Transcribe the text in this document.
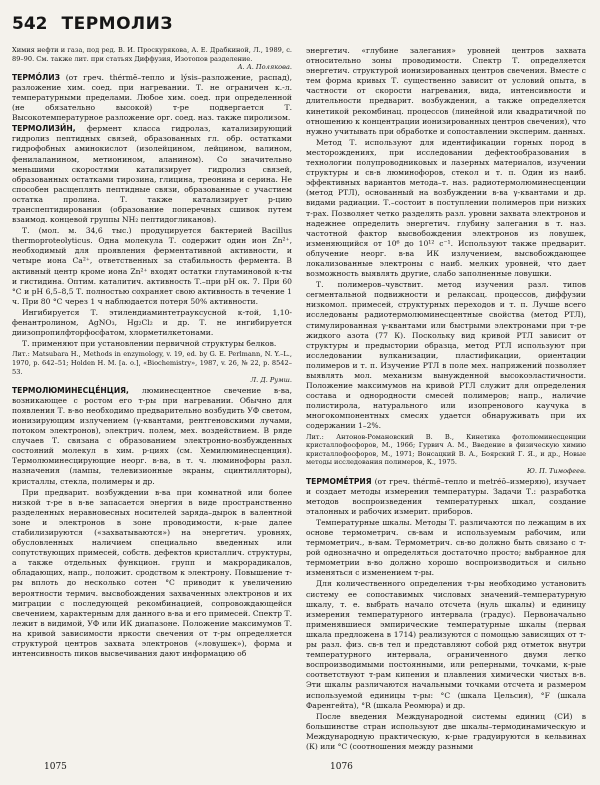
542 ТЕРМОЛИЗ

Химия нефти и газа, под ред. В. И. Проскурякова, А. Е. Драбкиной, Л., 1989, с. 89–90. См. также лит. при статьях Диффузия, Изотопов разделение.
А. А. Полякова.

ТЕРМО́ЛИЗ (от греч. thérmē–тепло и lýsis–разложение, распад), разложение хим. соед. при нагревании. Т. не ограничен к.-л. температурными пределами. Любое хим. соед. при определенной (не обязательно высокой) т-ре подвергается Т. Высокотемпературное разложение орг. соед. наз. также пиролизом.

ТЕРМОЛИЗИ́Н, фермент класса гидролаз, катализирующий гидролиз пептидных связей, образованных гл. обр. остатками гидрофобных аминокислот (изолейцином, лейцином, валином, фенилаланином, метионином, аланином). Со значительно меньшими скоростями катализирует гидролиз связей, образованных остатками тирозина, глицина, треонина и серина. Не способен расщеплять пептидные связи, образованные с участием остатка пролина. Т. также катализирует р-цию транспептидирования (образование поперечных сшивок путем взаимод. концевой группы NH₂ пептидогликанов).

Т. (мол. м. 34,6 тыс.) продуцируется бактерией Bacillus thermoproteolyticus. Одна молекула Т. содержит один ион Zn²⁺, необходимый для проявления ферментативной активности, и четыре иона Ca²⁺, ответственных за стабильность фермента. В активный центр кроме иона Zn²⁺ входят остатки глутаминовой к-ты и гистидина. Оптим. каталитич. активность Т.–при pH ок. 7. При 60 °С и pH 6,5–8,5 Т. полностью сохраняет свою активность в течение 1 ч. При 80 °С через 1 ч наблюдается потеря 50% активности.

Ингибируется Т. этилендиаминтетрауксусной к-той, 1,10-фенантролином, AgNO₃, Hg₂Cl₂ и др. Т. не ингибируется диизопропилфторфосфатом, хлорметилкетонами.

Т. применяют при установлении первичной структуры белков.

Лит.: Matsubara H., Methods in enzymology, v. 19, ed. by G. E. Perlmann, N. Y.–L., 1970, p. 642–51; Holden H. M. [a. o.], «Biochemistry», 1987, v. 26, № 22, p. 8542–53.
Л. Д. Румш.

ТЕРМОЛЮМИНЕСЦЕ́НЦИЯ, люминесцентное свечение в-ва, возникающее с ростом его т-ры при нагревании. Обычно для появления Т. в-во необходимо предварительно возбудить УФ светом, ионизирующим излучением (γ-квантами, рентгеновскими лучами, потоком электронов), электрич. полем, мех. воздействием. В ряде случаев Т. связана с образованием электронно-возбужденных состояний молекул в хим. р-циях (см. Хемилюминесценция). Термолюминесцирующие неорг. в-ва, в т. ч. люминофоры разл. назначения (лампы, телевизионные экраны, сцинтилляторы), кристаллы, стекла, полимеры и др.

При предварит. возбуждении в-ва при комнатной или более низкой т-ре в в-ве запасается энергия в виде пространственно разделенных неравновесных носителей заряда–дырок в валентной зоне и электронов в зоне проводимости, к-рые далее стабилизируются («захватываются») на энергетич. уровнях, обусловленных наличием специально введенных или сопутствующих примесей, собств. дефектов кристаллич. структуры, а также отдельных функцион. групп и макрорадикалов, обладающих, напр., положит. сродством к электрону. Повышение т-ры вплоть до несколько сотен °С приводит к увеличению вероятности термич. высвобождения захваченных электронов и их миграции с последующей рекомбинацией, сопровождающейся свечением, характерным для данного в-ва и его примесей. Спектр Т. лежит в видимой, УФ или ИК диапазоне. Положение максимумов Т. на кривой зависимости яркости свечения от т-ры определяется структурой центров захвата электронов («ловушек»), форма и интенсивность пиков высвечивания дают информацию об

энергетич. «глубине залегания» уровней центров захвата относительно зоны проводимости. Спектр Т. определяется энергетич. структурой ионизированных центров свечения. Вместе с тем форма кривых Т. существенно зависит от условий опыта, в частности от скорости нагревания, вида, интенсивности и длительности предварит. возбуждения, а также определяется кинетикой рекомбинац. процессов (линейной или квадратичной по отношению к концентрации ионизированных центров свечения), что нужно учитывать при обработке и сопоставлении эксперим. данных.

Метод Т. используют для идентификации горных пород в месторождениях, при исследовании дефектообразования в технологии полупроводниковых и лазерных материалов, изучении структуры и св-в люминофоров, стекол и т. п. Один из наиб. эффективных вариантов метода–т. наз. радиотермолюминесценции (метод РТЛ), основанный на возбуждении в-ва γ-квантами и др. видами радиации. Т.–состоит в поступлении полимеров при низких т-рах. Позволяет четко разделять разл. уровни захвата электронов и надежнее определить энергетич. глубину залегания в т. наз. частотной фактор высвобождения электронов из ловушек, изменяющийся от 10⁶ до 10¹² с⁻¹. Используют также предварит. облучение неорг. в-ва ИК излучением, высвобождающее локализованные электроны с наиб. мелких уровней, что дает возможность выявлять другие, слабо заполненные ловушки.

Т. полимеров–чувствит. метод изучения разл. типов сегментальной подвижности и релаксац. процессов, диффузии низкомол. примесей, структурных переходов и т. п. Лучше всего исследованы радиотермолюминесцентные свойства (метод РТЛ), стимулированная γ-квантами или быстрыми электронами при т-ре жидкого азота (77 К). Поскольку вид кривой РТЛ зависит от структуры и предыстории образца, метод РТЛ используют при исследовании вулканизации, пластификации, ориентации полимеров и т. п. Изучение РТЛ в поле мех. напряжений позволяет выявлять мол. механизм вынужденной высокоэластичности. Положение максимумов на кривой РТЛ служит для определения состава и однородности смесей полимеров; напр., наличие полистирола, натурального или изопренового каучука в многокомпонентных смесях удается обнаруживать при их содержании 1–2%.

Лит.: Антонов-Романовский В. В., Кинетика фотолюминесценции кристаллофосфоров, М., 1966; Гурвич А. М., Введение в физическую химию кристаллофосфоров, М., 1971; Вонсацкий В. А., Боярский Г. Я., и др., Новые методы исследования полимеров, К., 1975.
Ю. П. Тимофеев.

ТЕРМОМЕ́ТРИЯ (от греч. thérmē–тепло и metréō–измеряю), изучает и создает методы измерения температуры. Задачи Т.: разработка методов воспроизведения температурных шкал, создание эталонных и рабочих измерит. приборов.

Температурные шкалы. Методы Т. различаются по лежащим в их основе термометрич. св-вам и используемым рабочим, или термометрич., в-вам. Термометрич. св-во должно быть связано с т-рой однозначно и определяться достаточно просто; выбранное для термометрии в-во должно хорошо воспроизводиться и сильно изменяться с изменением т-ры.

Для количественного определения т-ры необходимо установить систему ее сопоставимых числовых значений–температурную шкалу, т. е. выбрать начало отсчета (нуль шкалы) и единицу измерения температурного интервала (градус). Первоначально применявшиеся эмпирические температурные шкалы (первая шкала предложена в 1714) реализуются с помощью зависящих от т-ры разл. физ. св-в тел и представляют собой ряд отметок внутри температурного интервала, ограниченного двумя легко воспроизводимыми постоянными, или реперными, точками, к-рые соответствуют т-рам кипения и плавления химически чистых в-в. Эти шкалы различаются начальными точками отсчета и размером используемой единицы т-ры: °С (шкала Цельсия), °F (шкала Фаренгейта), °R (шкала Реомюра) и др.

После введения Международной системы единиц (СИ) в большинстве стран используют две шкалы–термодинамическую и Международную практическую, к-рые градуируются в кельвинах (К) или °С (соотношения между разными

1075	1076
